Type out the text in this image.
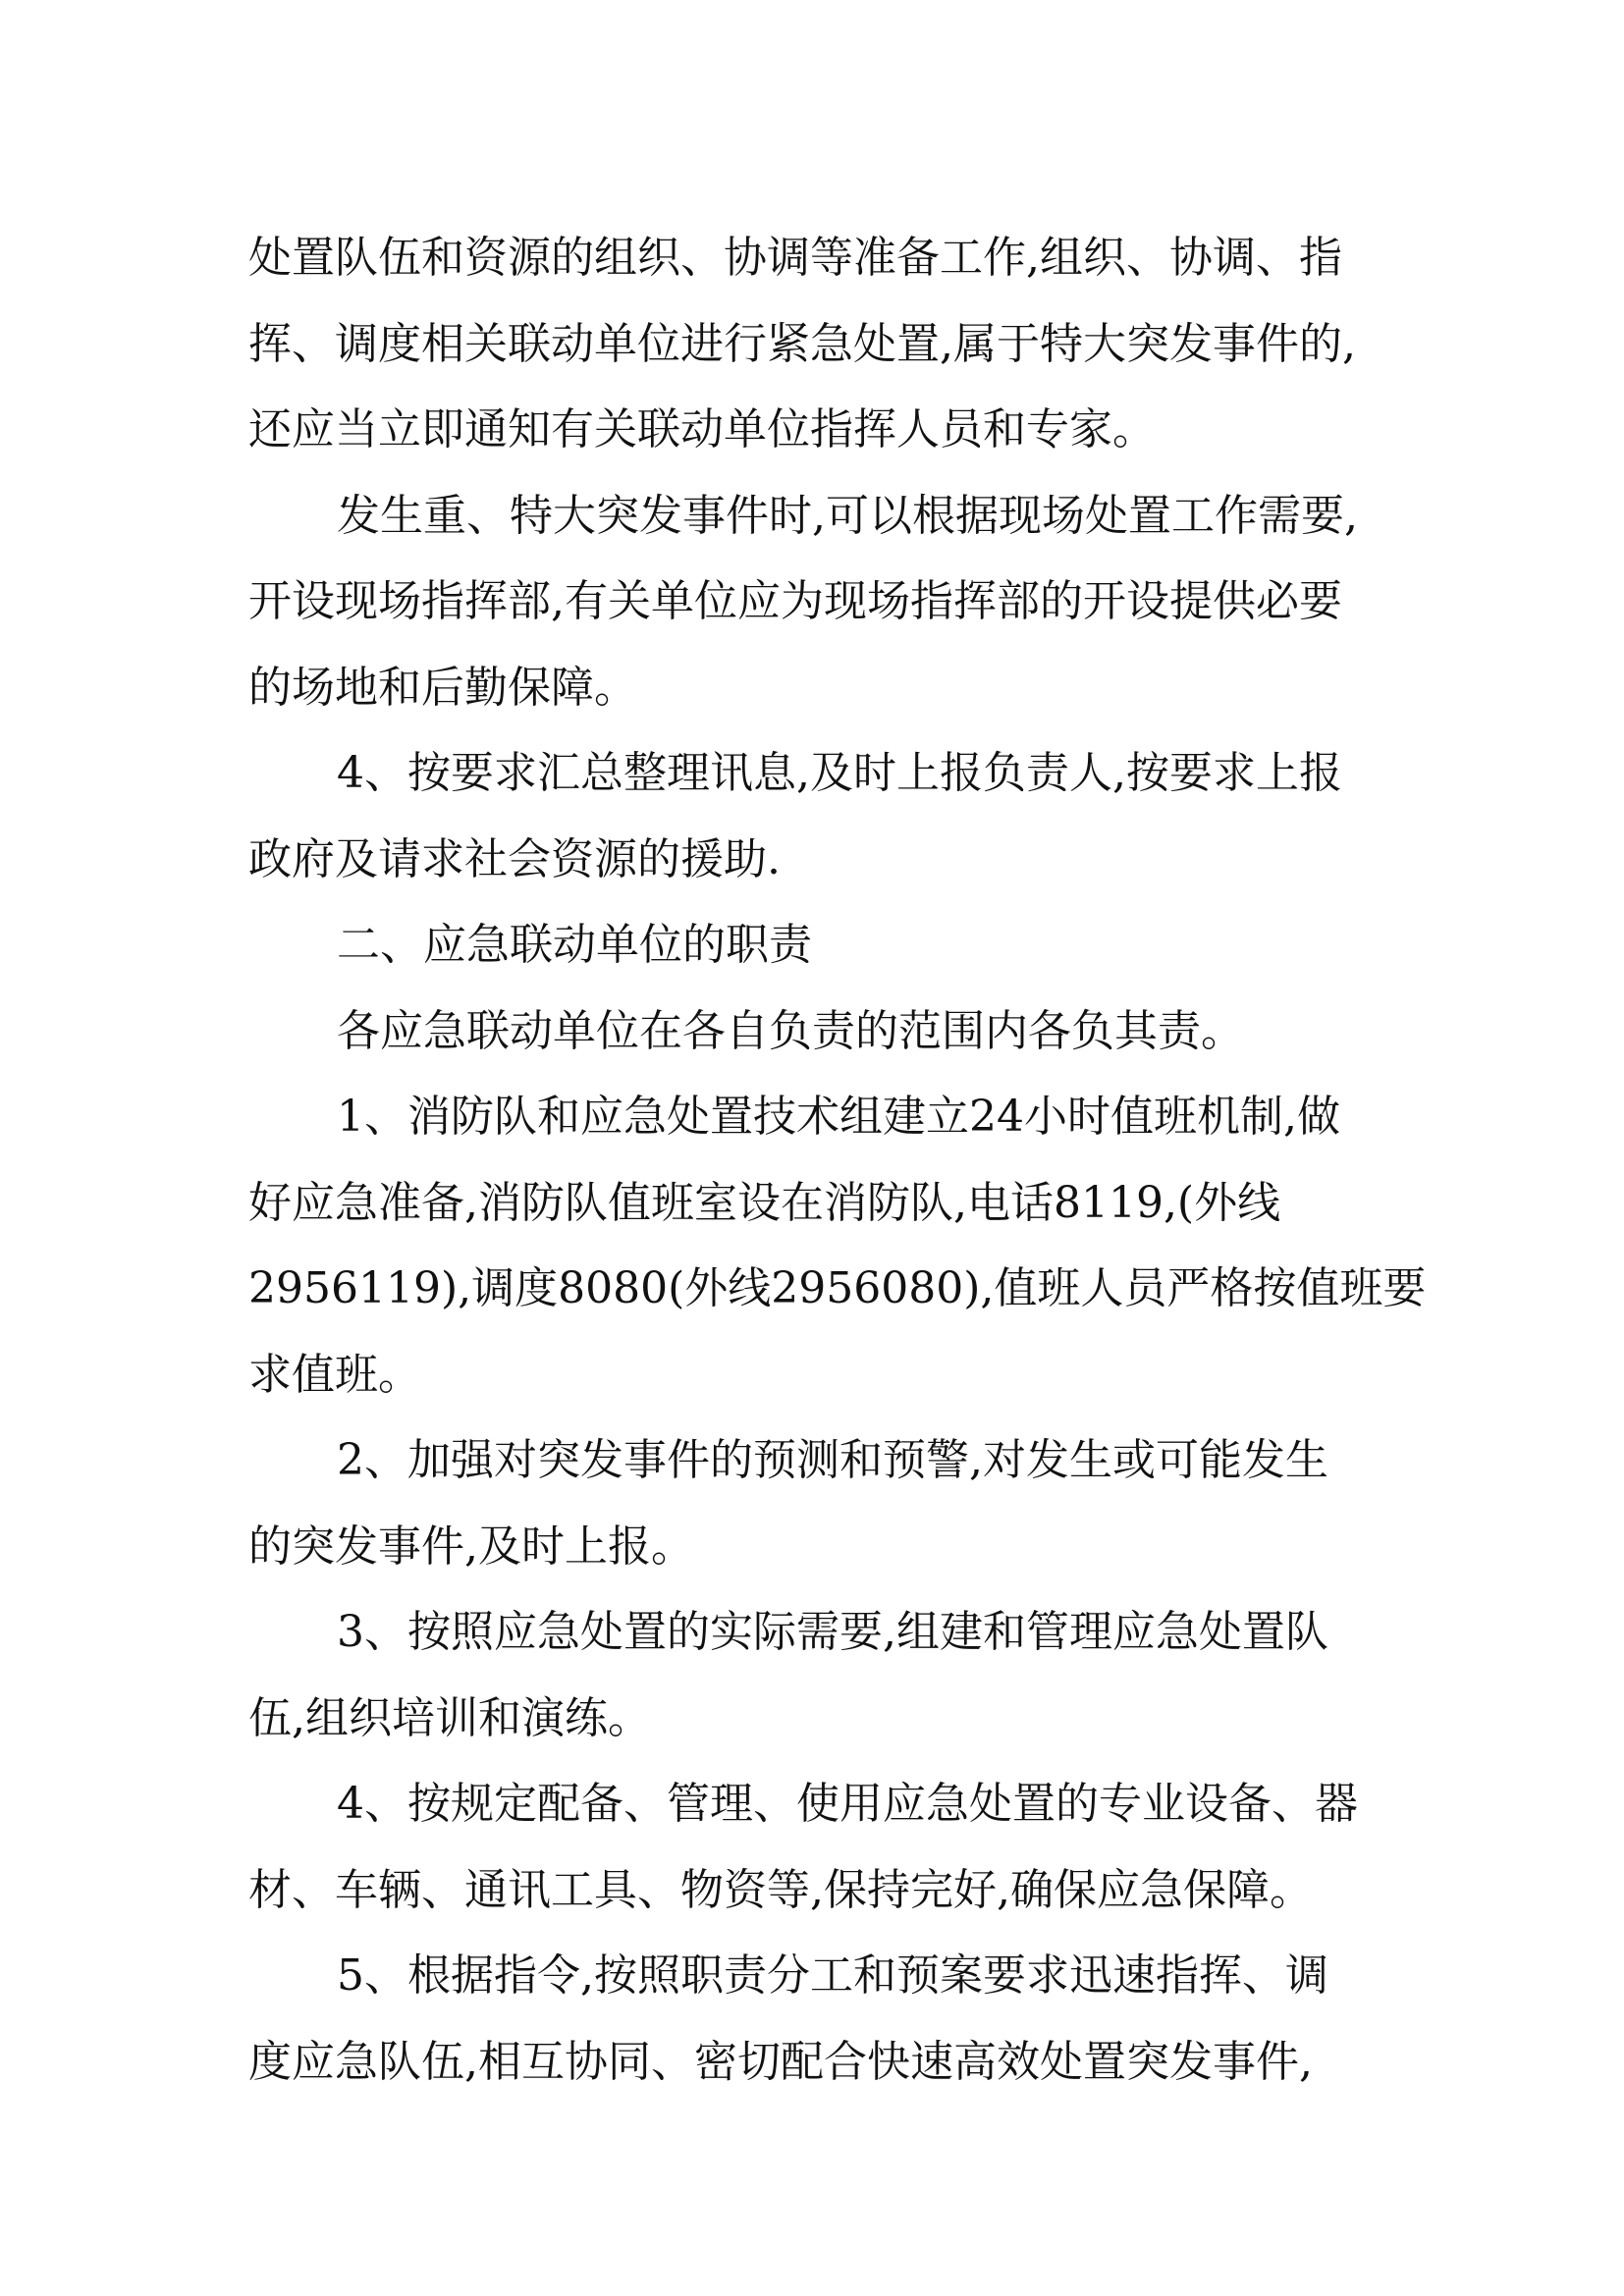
处置队伍和资源的组织、协调等准备工作,组织、协调、指
挥、调度相关联动单位进行紧急处置,属于特大突发事件的,
还应当立即通知有关联动单位指挥人员和专家。
发生重、特大突发事件时,可以根据现场处置工作需要,
开设现场指挥部,有关单位应为现场指挥部的开设提供必要
的场地和后勤保障。
4、按要求汇总整理讯息,及时上报负责人,按要求上报
政府及请求社会资源的援助.
二、应急联动单位的职责
各应急联动单位在各自负责的范围内各负其责。
1、消防队和应急处置技术组建立24小时值班机制,做
好应急准备,消防队值班室设在消防队,电话8119,(外线
2956119),调度8080(外线2956080),值班人员严格按值班要
求值班。
2、加强对突发事件的预测和预警,对发生或可能发生
的突发事件,及时上报。
3、按照应急处置的实际需要,组建和管理应急处置队
伍,组织培训和演练。
4、按规定配备、管理、使用应急处置的专业设备、器
材、车辆、通讯工具、物资等,保持完好,确保应急保障。
5、根据指令,按照职责分工和预案要求迅速指挥、调
度应急队伍,相互协同、密切配合快速高效处置突发事件,
